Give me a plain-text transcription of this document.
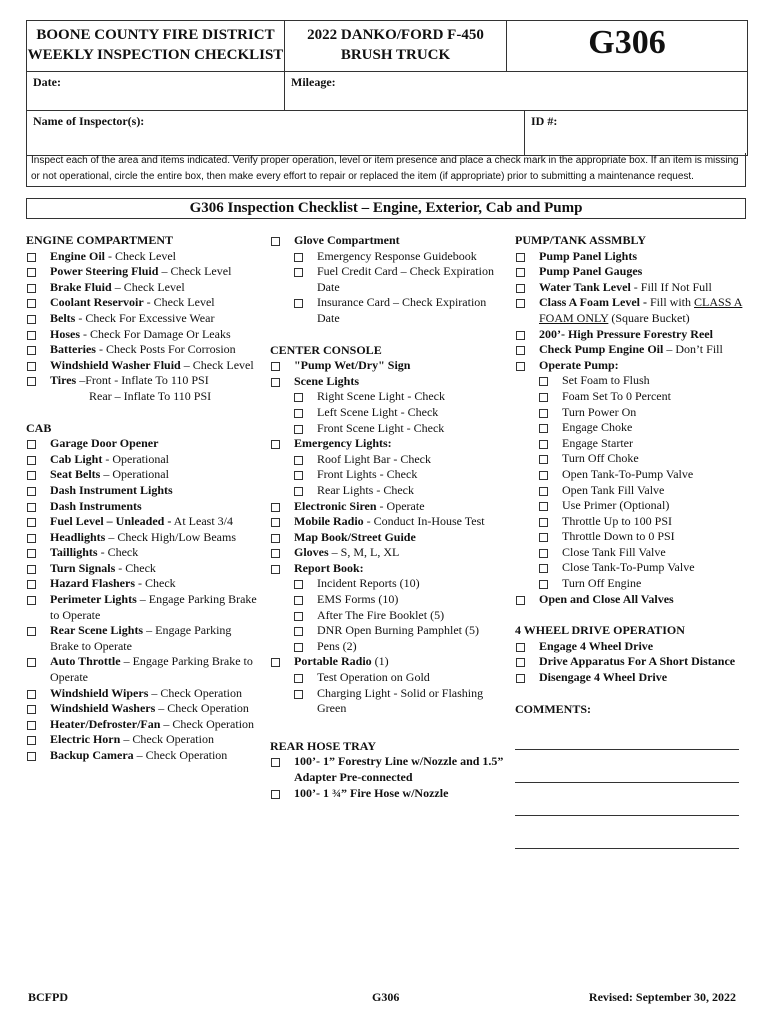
BOONE COUNTY FIRE DISTRICT
WEEKLY INSPECTION CHECKLIST
2022 DANKO/FORD F-450
BRUSH TRUCK	G306
Date:	Mileage:
Name of Inspector(s):	ID #:
Inspect each of the area and items indicated. Verify proper operation, level or item presence and place a check mark in the appropriate box. If an item is missing or not operational, circle the entire box, then make every effort to repair or replaced the item (if appropriate) prior to submitting a maintenance request.
G306 Inspection Checklist – Engine, Exterior, Cab and Pump
ENGINE COMPARTMENT
Engine Oil - Check Level
Power Steering Fluid – Check Level
Brake Fluid – Check Level
Coolant Reservoir - Check Level
Belts - Check For Excessive Wear
Hoses - Check For Damage Or Leaks
Batteries - Check Posts For Corrosion
Windshield Washer Fluid – Check Level
Tires –Front - Inflate To 110 PSI
Rear – Inflate To 110 PSI
CAB
Garage Door Opener
Cab Light - Operational
Seat Belts – Operational
Dash Instrument Lights
Dash Instruments
Fuel Level – Unleaded - At Least 3/4
Headlights – Check High/Low Beams
Taillights - Check
Turn Signals - Check
Hazard Flashers - Check
Perimeter Lights – Engage Parking Brake to Operate
Rear Scene Lights – Engage Parking Brake to Operate
Auto Throttle – Engage Parking Brake to Operate
Windshield Wipers – Check Operation
Windshield Washers – Check Operation
Heater/Defroster/Fan – Check Operation
Electric Horn – Check Operation
Backup Camera – Check Operation
Glove Compartment
Emergency Response Guidebook
Fuel Credit Card – Check Expiration Date
Insurance Card – Check Expiration Date
CENTER CONSOLE
"Pump Wet/Dry" Sign
Scene Lights
Right Scene Light - Check
Left Scene Light - Check
Front Scene Light - Check
Emergency Lights:
Roof Light Bar - Check
Front Lights - Check
Rear Lights - Check
Electronic Siren - Operate
Mobile Radio - Conduct In-House Test
Map Book/Street Guide
Gloves – S, M, L, XL
Report Book:
Incident Reports (10)
EMS Forms (10)
After The Fire Booklet (5)
DNR Open Burning Pamphlet (5)
Pens (2)
Portable Radio (1)
Test Operation on Gold
Charging Light - Solid or Flashing Green
REAR HOSE TRAY
100’- 1” Forestry Line w/Nozzle and 1.5” Adapter Pre-connected
100’- 1 ¾” Fire Hose w/Nozzle
PUMP/TANK ASSMBLY
Pump Panel Lights
Pump Panel Gauges
Water Tank Level - Fill If Not Full
Class A Foam Level - Fill with CLASS A FOAM ONLY (Square Bucket)
200’- High Pressure Forestry Reel
Check Pump Engine Oil – Don’t Fill
Operate Pump:
Set Foam to Flush
Foam Set To 0 Percent
Turn Power On
Engage Choke
Engage Starter
Turn Off Choke
Open Tank-To-Pump Valve
Open Tank Fill Valve
Use Primer (Optional)
Throttle Up to 100 PSI
Throttle Down to 0 PSI
Close Tank Fill Valve
Close Tank-To-Pump Valve
Turn Off Engine
Open and Close All Valves
4 WHEEL DRIVE OPERATION
Engage 4 Wheel Drive
Drive Apparatus For A Short Distance
Disengage 4 Wheel Drive
COMMENTS:
BCFPD	G306	Revised: September 30, 2022
